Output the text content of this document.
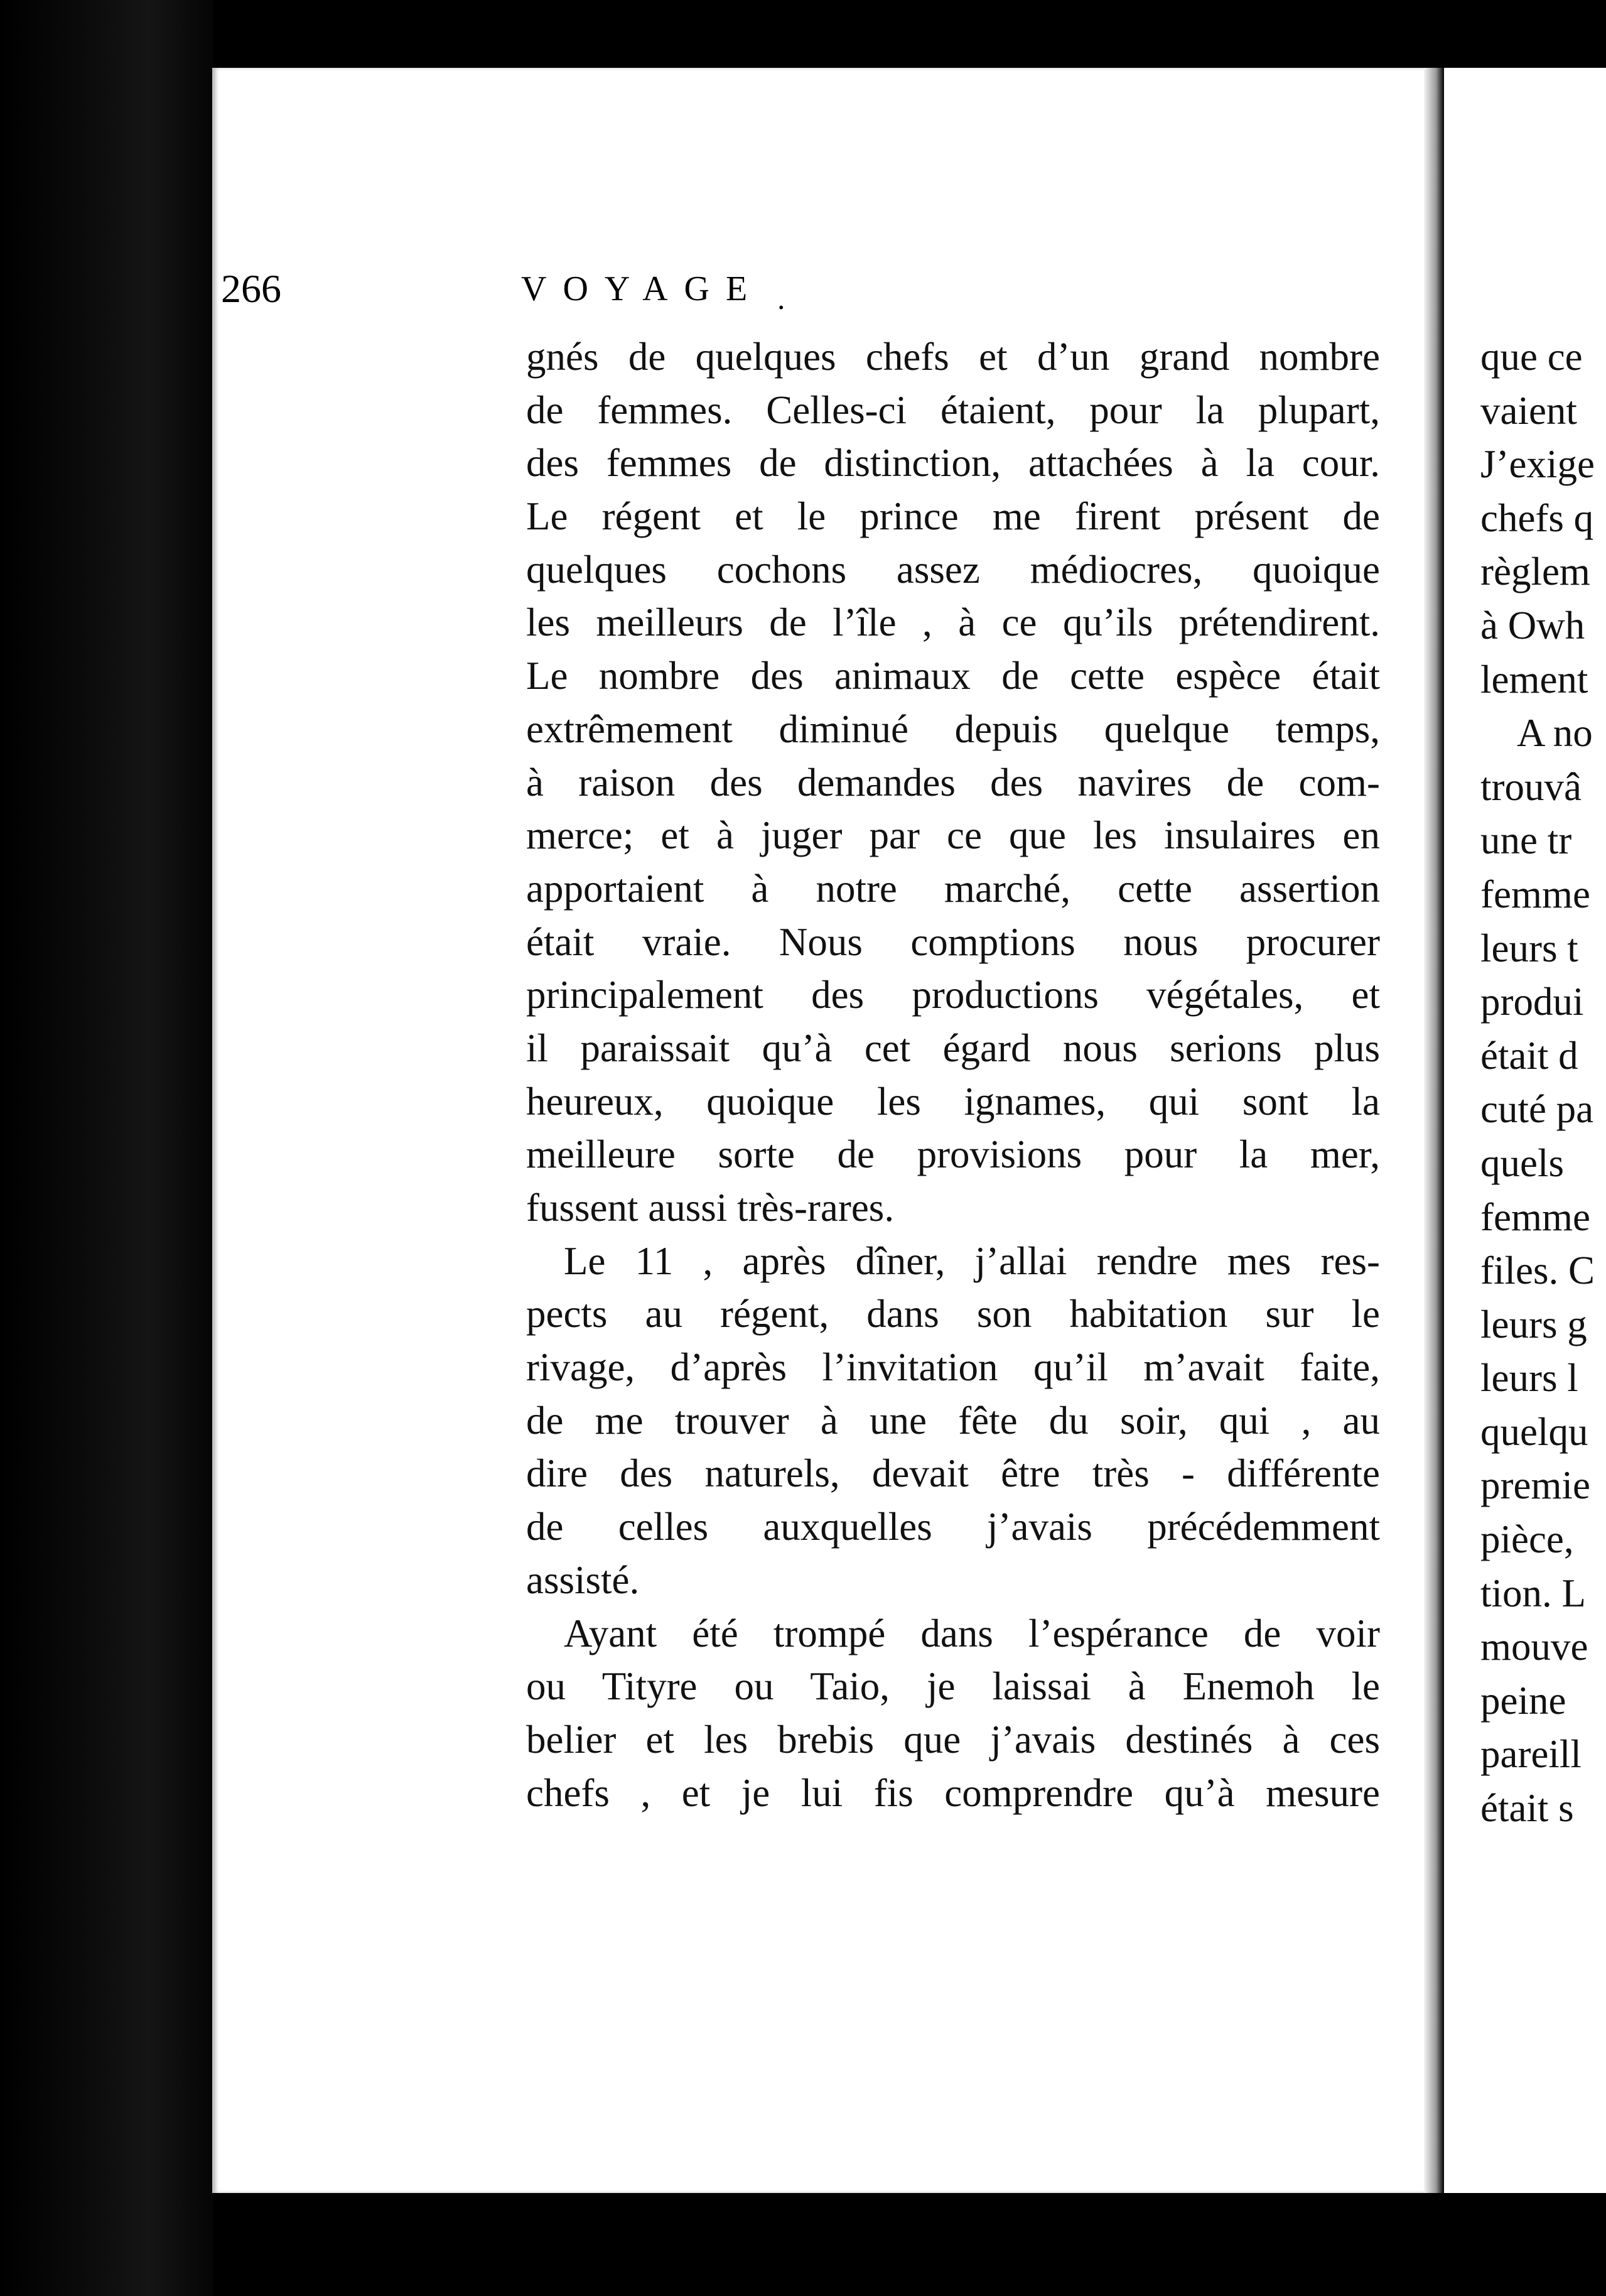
266	.
VOYAGE
gnés de quelques chefs et d’un grand nombre
de femmes. Celles-ci étaient, pour la plupart,
des femmes de distinction, attachées à la cour.
Le régent et le prince me firent présent de
quelques cochons assez médiocres, quoique
les meilleurs de l’île , à ce qu’ils prétendirent.
Le nombre des animaux de cette espèce était
extrêmement diminué depuis quelque temps,
à raison des demandes des navires de com-
merce; et à juger par ce que les insulaires en
apportaient à notre marché, cette assertion
était vraie. Nous comptions nous procurer
principalement des productions végétales, et
il paraissait qu’à cet égard nous serions plus
heureux, quoique les ignames, qui sont la
meilleure sorte de provisions pour la mer,
fussent aussi très-rares.
Le 11 , après dîner, j’allai rendre mes res-
pects au régent, dans son habitation sur le
rivage, d’après l’invitation qu’il m’avait faite,
de me trouver à une fête du soir, qui , au
dire des naturels, devait être très - différente
de celles auxquelles j’avais précédemment
assisté.
Ayant été trompé dans l’espérance de voir
ou Tityre ou Taio, je laissai à Enemoh le
belier et les brebis que j’avais destinés à ces
chefs , et je lui fis comprendre qu’à mesure
que ce
vaient
J’exige
chefs q
règlem
à Owh
lement
A no
trouvâ
une tr
femme
leurs t
produi
était d
cuté pa
quels
femme
files. C
leurs g
leurs l
quelqu
premie
pièce,
tion. L
mouve
peine
pareill
était s
